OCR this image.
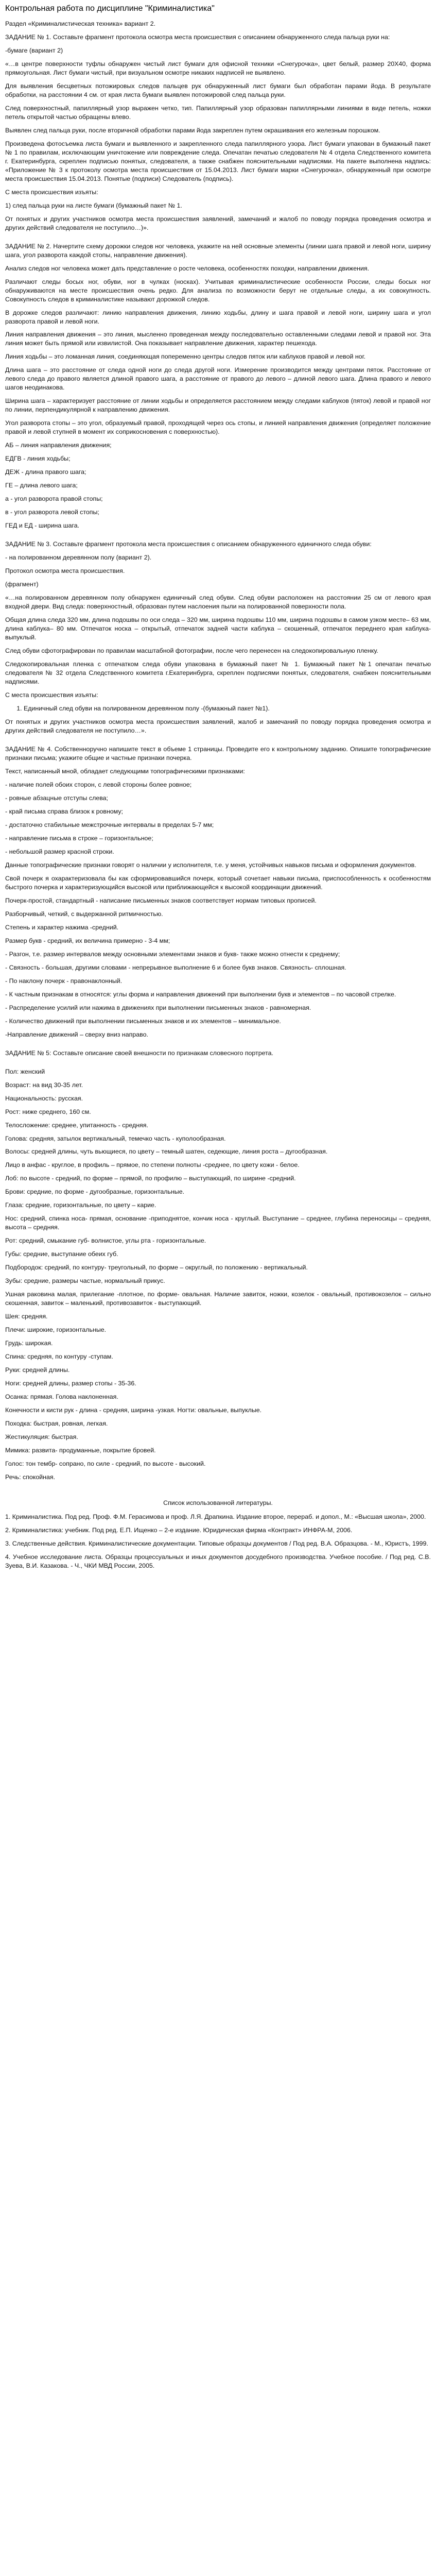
Контрольная работа по дисциплине "Криминалистика"
Раздел «Криминалистическая техника» вариант 2.
ЗАДАНИЕ № 1. Составьте фрагмент протокола осмотра места происшествия с описанием обнаруженного следа пальца руки на:
-бумаге (вариант 2)
«…в центре поверхности туфлы обнаружен чистый лист бумаги для офисной техники «Снегурочка», цвет белый, размер 20Х40, форма прямоугольная. Лист бумаги чистый, при визуальном осмотре никаких надписей не выявлено.
Для выявления бесцветных потожировых следов пальцев рук обнаруженный лист бумаги был обработан парами йода. В результате обработки, на расстоянии 4 см. от края листа бумаги выявлен потожировой след пальца руки.
След поверхностный, папиллярный узор выражен четко, тип. Папиллярный узор образован папиллярными линиями в виде петель, ножки петель открытой частью обращены влево.
Выявлен след пальца руки, после вторичной обработки парами йода закреплен путем окрашивания его железным порошком.
Произведена фотосъемка листа бумаги и выявленного и закрепленного следа папиллярного узора. Лист бумаги упакован в бумажный пакет № 1 по правилам, исключающим уничтожение или повреждение следа. Опечатан печатью следователя № 4 отдела Следственного комитета г. Екатеринбурга, скреплен подписью понятых, следователя, а также снабжен пояснительными надписями. На пакете выполнена надпись: «Приложение № 3 к протоколу осмотра места происшествия от 15.04.2013. Лист бумаги марки «Снегурочка», обнаруженный при осмотре места происшествия 15.04.2013. Понятые (подписи) Следователь (подпись).
С места происшествия изъяты:
1) след пальца руки на листе бумаги (бумажный пакет № 1.
От понятых и других участников осмотра места происшествия заявлений, замечаний и жалоб по поводу порядка проведения осмотра и других действий следователя не поступило…)».
ЗАДАНИЕ № 2. Начертите схему дорожки следов ног человека, укажите на ней основные элементы (линии шага правой и левой ноги, ширину шага, угол разворота каждой стопы, направление движения).
Анализ следов ног человека может дать представление о росте человека, особенностях походки, направлении движения.
Различают следы босых ног, обуви, ног в чулках (носках). Учитывая криминалистические особенности России, следы босых ног обнаруживаются на месте происшествия очень редко. Для анализа по возможности берут не отдельные следы, а их совокупность. Совокупность следов в криминалистике называют дорожкой следов.
В дорожке следов различают: линию направления движения, линию ходьбы, длину и шага правой и левой ноги, ширину шага и угол разворота правой и левой ноги.
Линия направления движения – это линия, мысленно проведенная между последовательно оставленными следами левой и правой ног. Эта линия может быть прямой или извилистой. Она показывает направление движения, характер пешехода.
Линия ходьбы – это ломанная линия, соединяющая попеременно центры следов пяток или каблуков правой и левой ног.
Длина шага – это расстояние от следа одной ноги до следа другой ноги. Измерение производится между центрами пяток. Расстояние от левого следа до правого является длиной правого шага, а расстояние от правого до левого – длиной левого шага. Длина правого и левого шагов неодинакова.
Ширина шага – характеризует расстояние от линии ходьбы и определяется расстоянием между следами каблуков (пяток) левой и правой ног по линии, перпендикулярной к направлению движения.
Угол разворота стопы – это угол, образуемый правой, проходящей через ось стопы, и линией направления движения (определяет положение правой и левой ступней в момент их соприкосновения с поверхностью).
АБ – линия направления движения;
ЕДГВ - линия ходьбы;
ДЕЖ - длина правого шага;
ГЕ – длина левого шага;
а - угол разворота правой стопы;
в - угол разворота левой стопы;
ГЕД и ЕД - ширина шага.
ЗАДАНИЕ № 3. Составьте фрагмент протокола места происшествия с описанием обнаруженного единичного следа обуви:
- на полированном деревянном полу (вариант 2).
Протокол осмотра места происшествия.
(фрагмент)
«…на полированном деревянном полу обнаружен единичный след обуви. След обуви расположен на расстоянии 25 см от левого края входной двери. Вид следа: поверхностный, образован путем наслоения пыли на полированной поверхности пола.
Общая длина следа 320 мм, длина подошвы по оси следа – 320 мм, ширина подошвы 110 мм, ширина подошвы в самом узком месте– 63 мм, длина каблука– 80 мм. Отпечаток носка – открытый, отпечаток задней части каблука – скошенный, отпечаток переднего края каблука- выпуклый.
След обуви сфотографирован по правилам масштабной фотографии, после чего перенесен на следокопировальную пленку.
Следокопировальная пленка с отпечатком следа обуви упакована в бумажный пакет № 1. Бумажный пакет №1 опечатан печатью следователя № 32 отдела Следственного комитета г.Екатеринбурга, скреплен подписями понятых, следователя, снабжен пояснительными надписями.
С места происшествия изъяты:
1. Единичный след обуви на полированном деревянном полу -(бумажный пакет №1).
От понятых и других участников осмотра места происшествия заявлений, жалоб и замечаний по поводу порядка проведения осмотра и других действий следователя не поступило…».
ЗАДАНИЕ № 4. Собственноручно напишите текст в объеме 1 страницы. Проведите его к контрольному заданию. Опишите топографические признаки письма; укажите общие и частные признаки почерка.
Текст, написанный мной, обладает следующими топографическими признаками:
- наличие полей обоих сторон, с левой стороны более ровное;
- ровные абзацные отступы слева;
- край письма справа близок к ровному;
- достаточно стабильные межстрочные интервалы в пределах 5-7 мм;
- направление письма в строке – горизонтальное;
- небольшой размер красной строки.
Данные топографические признаки говорят о наличии у исполнителя, т.е. у меня, устойчивых навыков письма и оформления документов.
Свой почерк я охарактеризовала бы как сформировавшийся почерк, который сочетает навыки письма, приспособленность к особенностям быстрого почерка и характеризующийся высокой или приближающейся к высокой координации движений.
Почерк-простой, стандартный - написание письменных знаков соответствует нормам типовых прописей.
Разборчивый, четкий, с выдержанной ритмичностью.
Степень и характер нажима -средний.
Размер букв - средний, их величина примерно - 3-4 мм;
- Разгон, т.е. размер интервалов между основными элементами знаков и букв- также можно отнести к среднему;
- Связность - большая, другими словами - непрерывное выполнение 6 и более букв знаков. Связность- сплошная.
- По наклону почерк - правонаклонный.
- К частным признакам в относятся: углы форма и направления движений при выполнении букв и элементов – по часовой стрелке.
- Распределение усилий или нажима в движениях при выполнении письменных знаков - равномерная.
- Количество движений при выполнении письменных знаков и их элементов – минимальное.
-Направление движений – сверху вниз направо.
ЗАДАНИЕ № 5: Составьте описание своей внешности по признакам словесного портрета.
Пол: женский
Возраст: на вид 30-35 лет.
Национальность: русская.
Рост: ниже среднего, 160 см.
Телосложение: среднее, упитанность - средняя.
Голова: средняя, затылок вертикальный, темечко часть - куполообразная.
Волосы: средней длины, чуть вьющиеся, по цвету – темный шатен, седеющие, линия роста – дугообразная.
Лицо в анфас - круглое, в профиль – прямое, по степени полноты -среднее, по цвету кожи - белое.
Лоб: по высоте - средний, по форме – прямой, по профилю – выступающий, по ширине -средний.
Брови: средние, по форме - дугообразные, горизонтальные.
Глаза: средние, горизонтальные, по цвету – карие.
Нос: средний, спинка носа- прямая, основание -приподнятое, кончик носа - круглый. Выступание – среднее, глубина переносицы – средняя, высота – средняя.
Рот: средний, смыкание губ- волнистое, углы рта - горизонтальные.
Губы: средние, выступание обеих губ.
Подбородок: средний, по контуру- треугольный, по форме – округлый, по положению - вертикальный.
Зубы: средние, размеры частые, нормальный прикус.
Ушная раковина малая, прилегание -плотное, по форме- овальная. Наличие завиток, ножки, козелок - овальный, противокозелок – сильно скошенная, завиток – маленький, противозавиток - выступающий.
Шея: средняя.
Плечи: широкие, горизонтальные.
Грудь: широкая.
Спина: средняя, по контуру -ступам.
Руки: средней длины.
Ноги: средней длины, размер стопы - 35-36.
Осанка: прямая. Голова наклоненная.
Конечности и кисти рук - длина - средняя, ширина -узкая. Ногти: овальные, выпуклые.
Походка: быстрая, ровная, легкая.
Жестикуляция: быстрая.
Мимика: развита- продуманные, покрытие бровей.
Голос: тон тембр- сопрано, по силе - средний, по высоте - высокий.
Речь: спокойная.
Список использованной литературы.
1. Криминалистика. Под ред. Проф. Ф.М. Герасимова и проф. Л.Я. Драпкина. Издание второе, перераб. и допол., М.: «Высшая школа», 2000.
2. Криминалистика: учебник. Под ред. Е.П. Ищенко – 2-е издание. Юридическая фирма «Контракт» ИНФРА-М, 2006.
3. Следственные действия. Криминалистические документации. Типовые образцы документов / Под ред. В.А. Образцова. - М., Юристъ, 1999.
4. Учебное исследование листа. Образцы процессуальных и иных документов досудебного производства. Учебное пособие. / Под ред. С.В. Зуева, В.И. Казакова. - Ч., ЧКИ МВД России, 2005.
